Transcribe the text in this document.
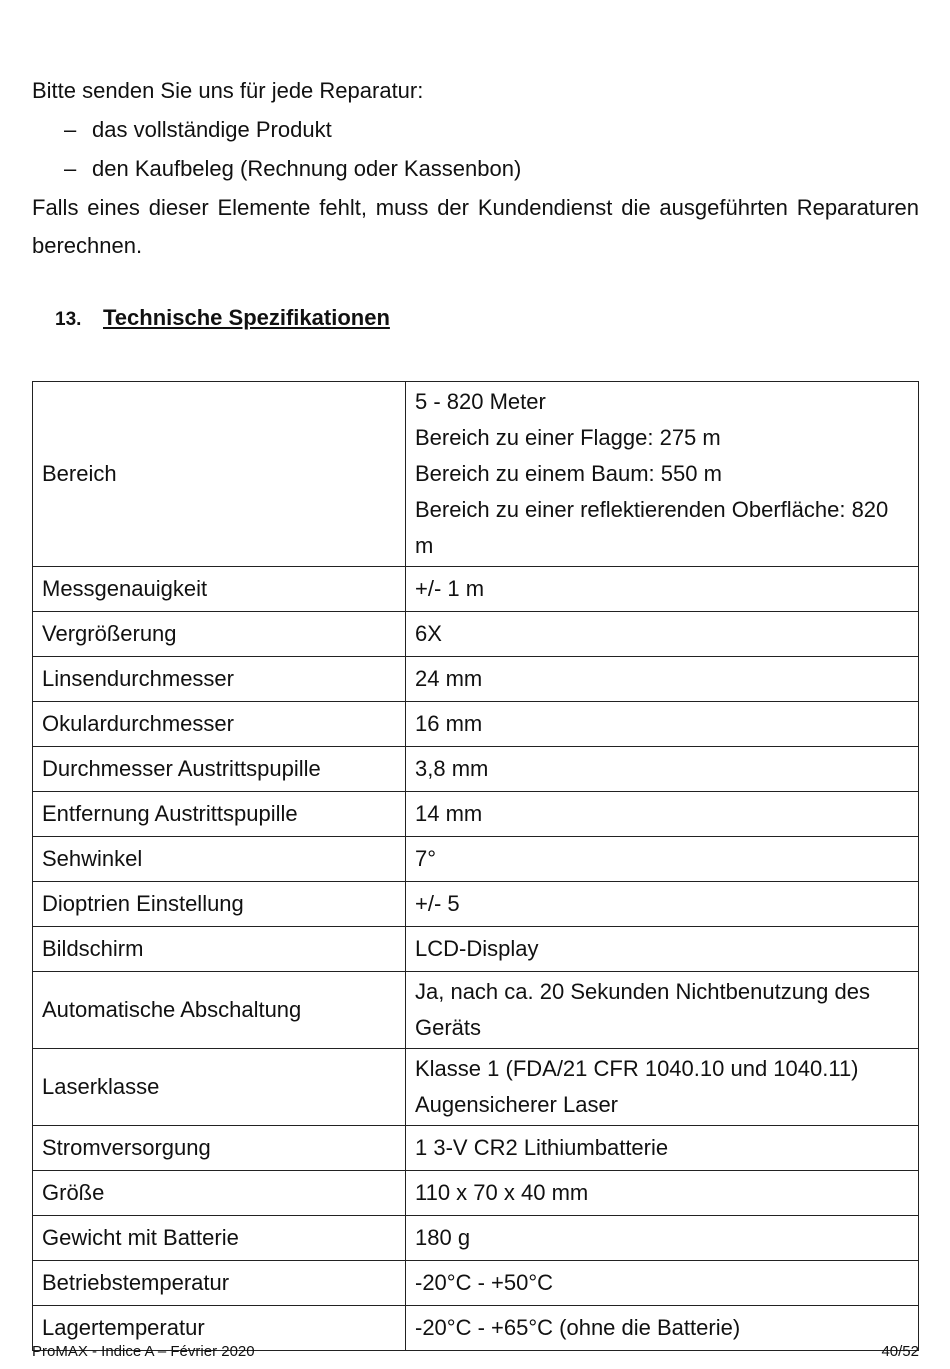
Bitte senden Sie uns für jede Reparatur:

– das vollständige Produkt

– den Kaufbeleg (Rechnung oder Kassenbon)

Falls eines dieser Elemente fehlt, muss der Kundendienst die ausgeführten Reparaturen berechnen.

13. Technische Spezifikationen
Bereich	5 - 820 Meter
Bereich zu einer Flagge: 275 m
Bereich zu einem Baum: 550 m
Bereich zu einer reflektierenden Oberfläche: 820 m

Messgenauigkeit	+/- 1 m

Vergrößerung	6X

Linsendurchmesser	24 mm

Okulardurchmesser	16 mm

Durchmesser Austrittspupille	3,8 mm

Entfernung Austrittspupille	14 mm

Sehwinkel	7°

Dioptrien Einstellung	+/- 5

Bildschirm	LCD-Display

Automatische Abschaltung	Ja, nach ca. 20 Sekunden Nichtbenutzung des Geräts

Laserklasse	Klasse 1 (FDA/21 CFR 1040.10 und 1040.11)
Augensicherer Laser

Stromversorgung	1 3-V CR2 Lithiumbatterie

Größe	110 x 70 x 40 mm

Gewicht mit Batterie	180 g

Betriebstemperatur	-20°C - +50°C

Lagertemperatur	-20°C - +65°C (ohne die Batterie)
ProMAX - Indice A – Février 2020	40/52
